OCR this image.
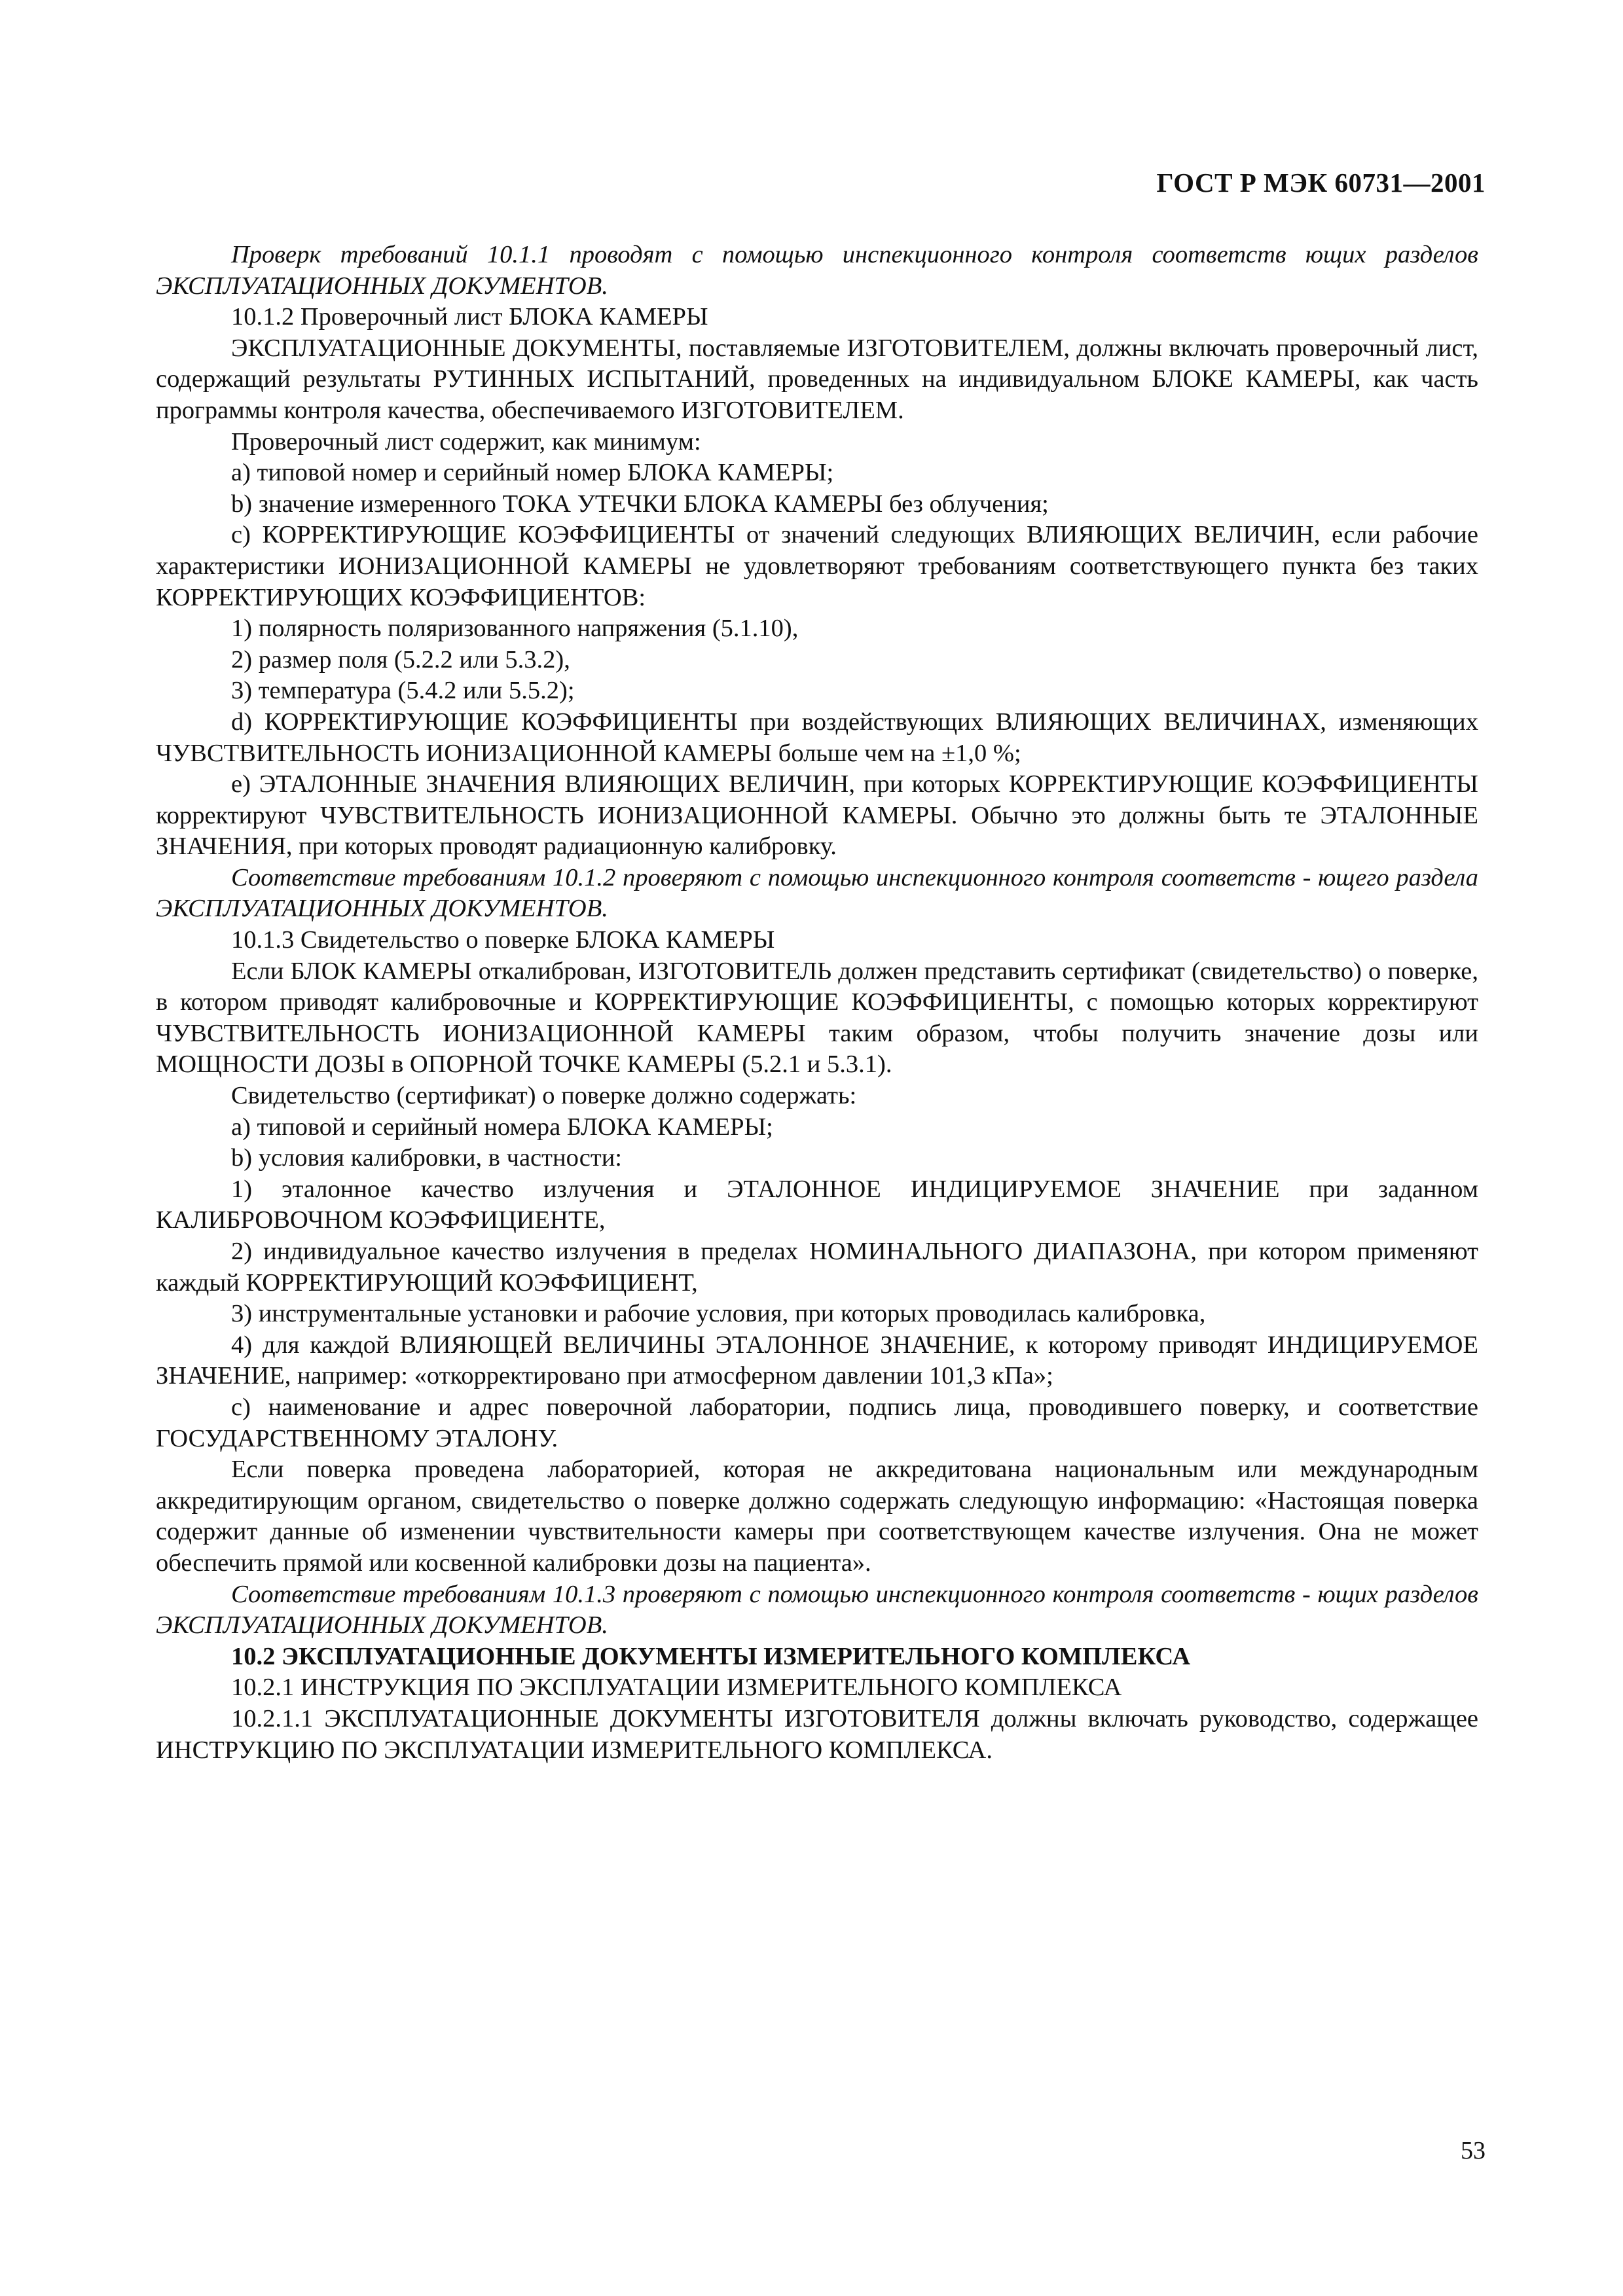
ГОСТ Р МЭК 60731—2001

Проверк требований 10.1.1 проводят с помощью инспекционного контроля соответств ющих разделов ЭКСПЛУАТАЦИОННЫХ ДОКУМЕНТОВ.

10.1.2 Проверочный лист БЛОКА КАМЕРЫ

ЭКСПЛУАТАЦИОННЫЕ ДОКУМЕНТЫ, поставляемые ИЗГОТОВИТЕЛЕМ, должны включать проверочный лист, содержащий результаты РУТИННЫХ ИСПЫТАНИЙ, проведенных на индивидуальном БЛОКЕ КАМЕРЫ, как часть программы контроля качества, обеспечиваемого ИЗГОТОВИТЕЛЕМ.

Проверочный лист содержит, как минимум:

а) типовой номер и серийный номер БЛОКА КАМЕРЫ;

b) значение измеренного ТОКА УТЕЧКИ БЛОКА КАМЕРЫ без облучения;

c) КОРРЕКТИРУЮЩИЕ КОЭФФИЦИЕНТЫ от значений следующих ВЛИЯЮЩИХ ВЕЛИЧИН, если рабочие характеристики ИОНИЗАЦИОННОЙ КАМЕРЫ не удовлетворяют требованиям соответствующего пункта без таких КОРРЕКТИРУЮЩИХ КОЭФФИЦИЕНТОВ:

1) полярность поляризованного напряжения (5.1.10),

2) размер поля (5.2.2 или 5.3.2),

3) температура (5.4.2 или 5.5.2);

d) КОРРЕКТИРУЮЩИЕ КОЭФФИЦИЕНТЫ при воздействующих ВЛИЯЮЩИХ ВЕЛИЧИНАХ, изменяющих ЧУВСТВИТЕЛЬНОСТЬ ИОНИЗАЦИОННОЙ КАМЕРЫ больше чем на ±1,0 %;

e) ЭТАЛОННЫЕ ЗНАЧЕНИЯ ВЛИЯЮЩИХ ВЕЛИЧИН, при которых КОРРЕКТИРУЮЩИЕ КОЭФФИЦИЕНТЫ корректируют ЧУВСТВИТЕЛЬНОСТЬ ИОНИЗАЦИОННОЙ КАМЕРЫ. Обычно это должны быть те ЭТАЛОННЫЕ ЗНАЧЕНИЯ, при которых проводят радиационную калибровку.

Соответствие требованиям 10.1.2 проверяют с помощью инспекционного контроля соответств - ющего раздела ЭКСПЛУАТАЦИОННЫХ ДОКУМЕНТОВ.

10.1.3 Свидетельство о поверке БЛОКА КАМЕРЫ

Если БЛОК КАМЕРЫ откалиброван, ИЗГОТОВИТЕЛЬ должен представить сертификат (свидетельство) о поверке, в котором приводят калибровочные и КОРРЕКТИРУЮЩИЕ КОЭФФИЦИЕНТЫ, с помощью которых корректируют ЧУВСТВИТЕЛЬНОСТЬ ИОНИЗАЦИОННОЙ КАМЕРЫ таким образом, чтобы получить значение дозы или МОЩНОСТИ ДОЗЫ в ОПОРНОЙ ТОЧКЕ КАМЕРЫ (5.2.1 и 5.3.1).

Свидетельство (сертификат) о поверке должно содержать:

а) типовой и серийный номера БЛОКА КАМЕРЫ;

b) условия калибровки, в частности:

1) эталонное качество излучения и ЭТАЛОННОЕ ИНДИЦИРУЕМОЕ ЗНАЧЕНИЕ при заданном КАЛИБРОВОЧНОМ КОЭФФИЦИЕНТЕ,

2) индивидуальное качество излучения в пределах НОМИНАЛЬНОГО ДИАПАЗОНА, при котором применяют каждый КОРРЕКТИРУЮЩИЙ КОЭФФИЦИЕНТ,

3) инструментальные установки и рабочие условия, при которых проводилась калибровка,

4) для каждой ВЛИЯЮЩЕЙ ВЕЛИЧИНЫ ЭТАЛОННОЕ ЗНАЧЕНИЕ, к которому приводят ИНДИЦИРУЕМОЕ ЗНАЧЕНИЕ, например: «откорректировано при атмосферном давлении 101,3 кПа»;

c) наименование и адрес поверочной лаборатории, подпись лица, проводившего поверку, и соответствие ГОСУДАРСТВЕННОМУ ЭТАЛОНУ.

Если поверка проведена лабораторией, которая не аккредитована национальным или международным аккредитирующим органом, свидетельство о поверке должно содержать следующую информацию: «Настоящая поверка содержит данные об изменении чувствительности камеры при соответствующем качестве излучения. Она не может обеспечить прямой или косвенной калибровки дозы на пациента».

Соответствие требованиям 10.1.3 проверяют с помощью инспекционного контроля соответств - ющих разделов ЭКСПЛУАТАЦИОННЫХ ДОКУМЕНТОВ.

10.2 ЭКСПЛУАТАЦИОННЫЕ ДОКУМЕНТЫ ИЗМЕРИТЕЛЬНОГО КОМПЛЕКСА

10.2.1 ИНСТРУКЦИЯ ПО ЭКСПЛУАТАЦИИ ИЗМЕРИТЕЛЬНОГО КОМПЛЕКСА

10.2.1.1 ЭКСПЛУАТАЦИОННЫЕ ДОКУМЕНТЫ ИЗГОТОВИТЕЛЯ должны включать руководство, содержащее ИНСТРУКЦИЮ ПО ЭКСПЛУАТАЦИИ ИЗМЕРИТЕЛЬНОГО КОМПЛЕКСА.

53
